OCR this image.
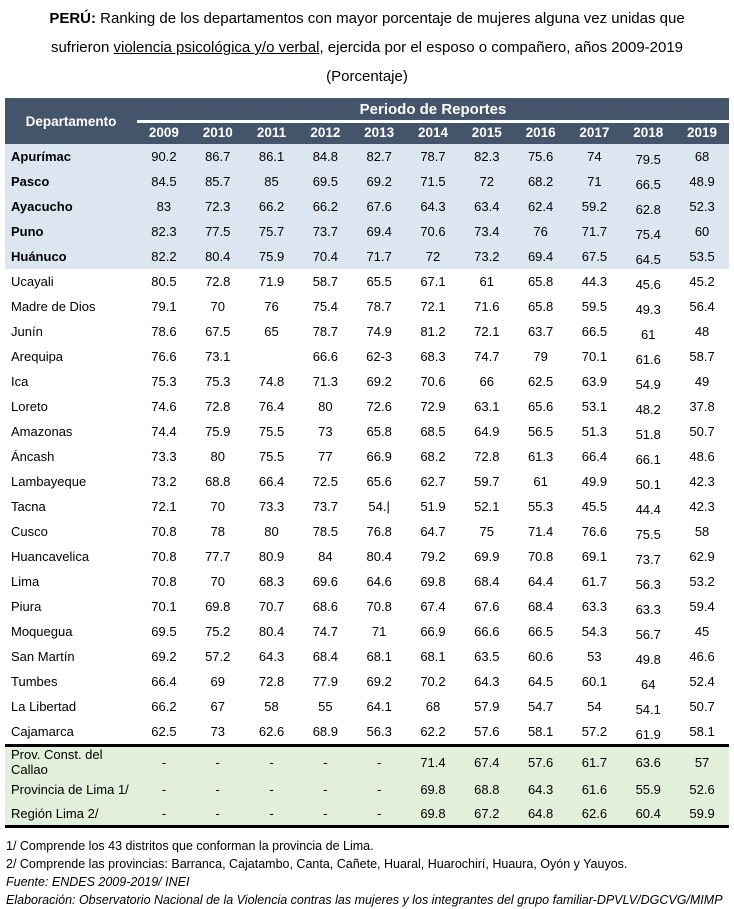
PERÚ: Ranking de los departamentos con mayor porcentaje de mujeres alguna vez unidas que
sufrieron violencia psicológica y/o verbal, ejercida por el esposo o compañero, años 2009-2019
(Porcentaje)
Departamento	Periodo de Reportes										
	2009	2010	2011	2012	2013	2014	2015	2016	2017	2018	2019
Apurímac	90.2	86.7	86.1	84.8	82.7	78.7	82.3	75.6	74	79.5	68
Pasco	84.5	85.7	85	69.5	69.2	71.5	72	68.2	71	66.5	48.9
Ayacucho	83	72.3	66.2	66.2	67.6	64.3	63.4	62.4	59.2	62.8	52.3
Puno	82.3	77.5	75.7	73.7	69.4	70.6	73.4	76	71.7	75.4	60
Huánuco	82.2	80.4	75.9	70.4	71.7	72	73.2	69.4	67.5	64.5	53.5
Ucayali	80.5	72.8	71.9	58.7	65.5	67.1	61	65.8	44.3	45.6	45.2
Madre de Dios	79.1	70	76	75.4	78.7	72.1	71.6	65.8	59.5	49.3	56.4
Junín	78.6	67.5	65	78.7	74.9	81.2	72.1	63.7	66.5	61	48
Arequipa	76.6	73.1		66.6	62-3	68.3	74.7	79	70.1	61.6	58.7
Ica	75.3	75.3	74.8	71.3	69.2	70.6	66	62.5	63.9	54.9	49
Loreto	74.6	72.8	76.4	80	72.6	72.9	63.1	65.6	53.1	48.2	37.8
Amazonas	74.4	75.9	75.5	73	65.8	68.5	64.9	56.5	51.3	51.8	50.7
Áncash	73.3	80	75.5	77	66.9	68.2	72.8	61.3	66.4	66.1	48.6
Lambayeque	73.2	68.8	66.4	72.5	65.6	62.7	59.7	61	49.9	50.1	42.3
Tacna	72.1	70	73.3	73.7	54.|	51.9	52.1	55.3	45.5	44.4	42.3
Cusco	70.8	78	80	78.5	76.8	64.7	75	71.4	76.6	75.5	58
Huancavelica	70.8	77.7	80.9	84	80.4	79.2	69.9	70.8	69.1	73.7	62.9
Lima	70.8	70	68.3	69.6	64.6	69.8	68.4	64.4	61.7	56.3	53.2
Piura	70.1	69.8	70.7	68.6	70.8	67.4	67.6	68.4	63.3	63.3	59.4
Moquegua	69.5	75.2	80.4	74.7	71	66.9	66.6	66.5	54.3	56.7	45
San Martín	69.2	57.2	64.3	68.4	68.1	68.1	63.5	60.6	53	49.8	46.6
Tumbes	66.4	69	72.8	77.9	69.2	70.2	64.3	64.5	60.1	64	52.4
La Libertad	66.2	67	58	55	64.1	68	57.9	54.7	54	54.1	50.7
Cajamarca	62.5	73	62.6	68.9	56.3	62.2	57.6	58.1	57.2	61.9	58.1
Prov. Const. del Callao	-	-	-	-	-	71.4	67.4	57.6	61.7	63.6	57
Provincia de Lima 1/	-	-	-	-	-	69.8	68.8	64.3	61.6	55.9	52.6
Región Lima 2/	-	-	-	-	-	69.8	67.2	64.8	62.6	60.4	59.9
1/ Comprende los 43 distritos que conforman la provincia de Lima.
2/ Comprende las provincias: Barranca, Cajatambo, Canta, Cañete, Huaral, Huarochirí, Huaura, Oyón y Yauyos.
Fuente: ENDES 2009-2019/ INEI
Elaboración: Observatorio Nacional de la Violencia contras las mujeres y los integrantes del grupo familiar-DPVLV/DGCVG/MIMP
